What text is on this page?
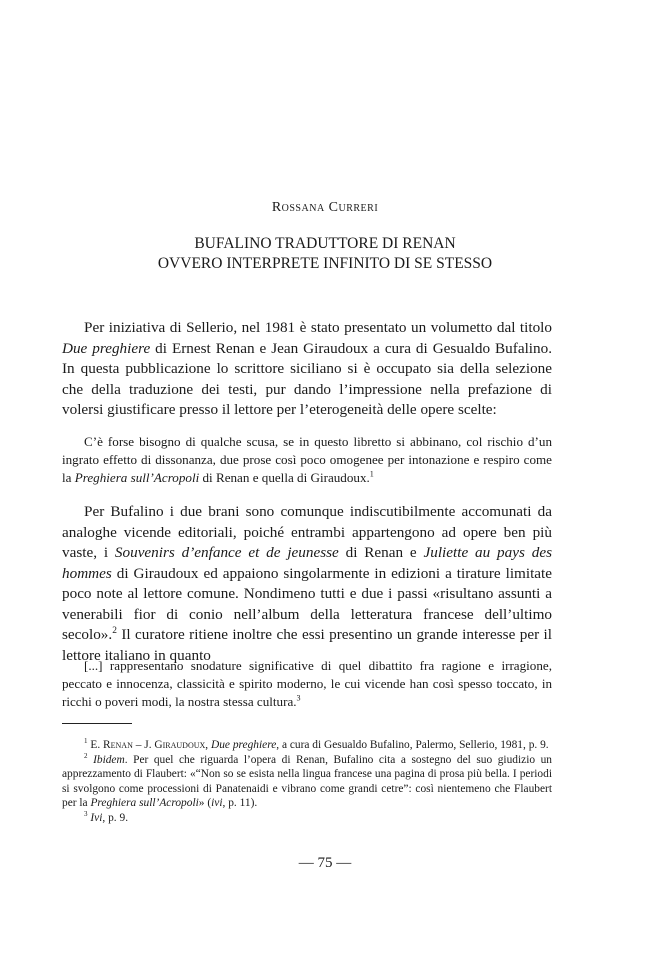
Rossana Curreri
BUFALINO TRADUTTORE DI RENAN
OVVERO INTERPRETE INFINITO DI SE STESSO

Per iniziativa di Sellerio, nel 1981 è stato presentato un volumetto dal titolo Due preghiere di Ernest Renan e Jean Giraudoux a cura di Gesualdo Bufalino. In questa pubblicazione lo scrittore siciliano si è occupato sia della selezione che della traduzione dei testi, pur dando l’impressione nella prefazione di volersi giustificare presso il lettore per l’eterogeneità delle opere scelte:

C’è forse bisogno di qualche scusa, se in questo libretto si abbinano, col rischio d’un ingrato effetto di dissonanza, due prose così poco omogenee per intonazione e respiro come la Preghiera sull’Acropoli di Renan e quella di Giraudoux.$^1$

Per Bufalino i due brani sono comunque indiscutibilmente accomunati da analoghe vicende editoriali, poiché entrambi appartengono ad opere ben più vaste, i Souvenirs d’enfance et de jeunesse di Renan e Juliette au pays des hommes di Giraudoux ed appaiono singolarmente in edizioni a tirature limitate poco note al lettore comune. Nondimeno tutti e due i passi «risultano assunti a venerabili fior di conio nell’album della letteratura francese dell’ultimo secolo».$^2$ Il curatore ritiene inoltre che essi presentino un grande interesse per il lettore italiano in quanto

[...] rappresentano snodature significative di quel dibattito fra ragione e irragione, peccato e innocenza, classicità e spirito moderno, le cui vicende han così spesso toccato, in ricchi o poveri modi, la nostra stessa cultura.$^3$

$^1$ E. Renan – J. Giraudoux, Due preghiere, a cura di Gesualdo Bufalino, Palermo, Sellerio, 1981, p. 9.

$^2$ Ibidem. Per quel che riguarda l’opera di Renan, Bufalino cita a sostegno del suo giudizio un apprezzamento di Flaubert: «“Non so se esista nella lingua francese una pagina di prosa più bella. I periodi si svolgono come processioni di Panatenaidi e vibrano come grandi cetre”: così nientemeno che Flaubert per la Preghiera sull’Acropoli» (ivi, p. 11).

$^3$ Ivi, p. 9.

— 75 —
